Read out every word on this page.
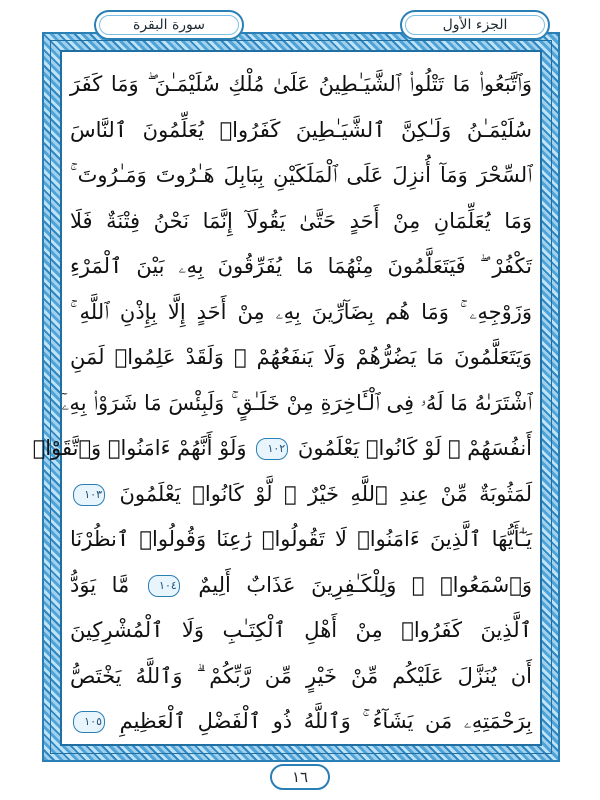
الجزء الأول
سورة البقرة
وَٱتَّبَعُوا۟ مَا تَتْلُوا۟ ٱلشَّيَـٰطِينُ عَلَىٰ مُلْكِ سُلَيْمَـٰنَ ۖ وَمَا كَفَرَ
سُلَيْمَـٰنُ وَلَـٰكِنَّ ٱلشَّيَـٰطِينَ كَفَرُوا۟ يُعَلِّمُونَ ٱلنَّاسَ
ٱلسِّحْرَ وَمَآ أُنزِلَ عَلَى ٱلْمَلَكَيْنِ بِبَابِلَ هَـٰرُوتَ وَمَـٰرُوتَ ۚ
وَمَا يُعَلِّمَانِ مِنْ أَحَدٍ حَتَّىٰ يَقُولَآ إِنَّمَا نَحْنُ فِتْنَةٌ فَلَا
تَكْفُرْ ۖ فَيَتَعَلَّمُونَ مِنْهُمَا مَا يُفَرِّقُونَ بِهِۦ بَيْنَ ٱلْمَرْءِ
وَزَوْجِهِۦ ۚ وَمَا هُم بِضَآرِّينَ بِهِۦ مِنْ أَحَدٍ إِلَّا بِإِذْنِ ٱللَّهِ ۚ
وَيَتَعَلَّمُونَ مَا يَضُرُّهُمْ وَلَا يَنفَعُهُمْ ۚ وَلَقَدْ عَلِمُوا۟ لَمَنِ
ٱشْتَرَىٰهُ مَا لَهُۥ فِى ٱلْـَٔاخِرَةِ مِنْ خَلَـٰقٍ ۚ وَلَبِئْسَ مَا شَرَوْا۟ بِهِۦٓ
أَنفُسَهُمْ ۚ لَوْ كَانُوا۟ يَعْلَمُونَ ١٠٢ وَلَوْ أَنَّهُمْ ءَامَنُوا۟ وَٱتَّقَوْا۟
لَمَثُوبَةٌ مِّنْ عِندِ ٱللَّهِ خَيْرٌ ۖ لَّوْ كَانُوا۟ يَعْلَمُونَ ١٠٣
يَـٰٓأَيُّهَا ٱلَّذِينَ ءَامَنُوا۟ لَا تَقُولُوا۟ رَٰعِنَا وَقُولُوا۟ ٱنظُرْنَا
وَٱسْمَعُوا۟ ۗ وَلِلْكَـٰفِرِينَ عَذَابٌ أَلِيمٌ ١٠٤ مَّا يَوَدُّ
ٱلَّذِينَ كَفَرُوا۟ مِنْ أَهْلِ ٱلْكِتَـٰبِ وَلَا ٱلْمُشْرِكِينَ
أَن يُنَزَّلَ عَلَيْكُم مِّنْ خَيْرٍ مِّن رَّبِّكُمْ ۗ وَٱللَّهُ يَخْتَصُّ
بِرَحْمَتِهِۦ مَن يَشَآءُ ۚ وَٱللَّهُ ذُو ٱلْفَضْلِ ٱلْعَظِيمِ ١٠٥
١٦
